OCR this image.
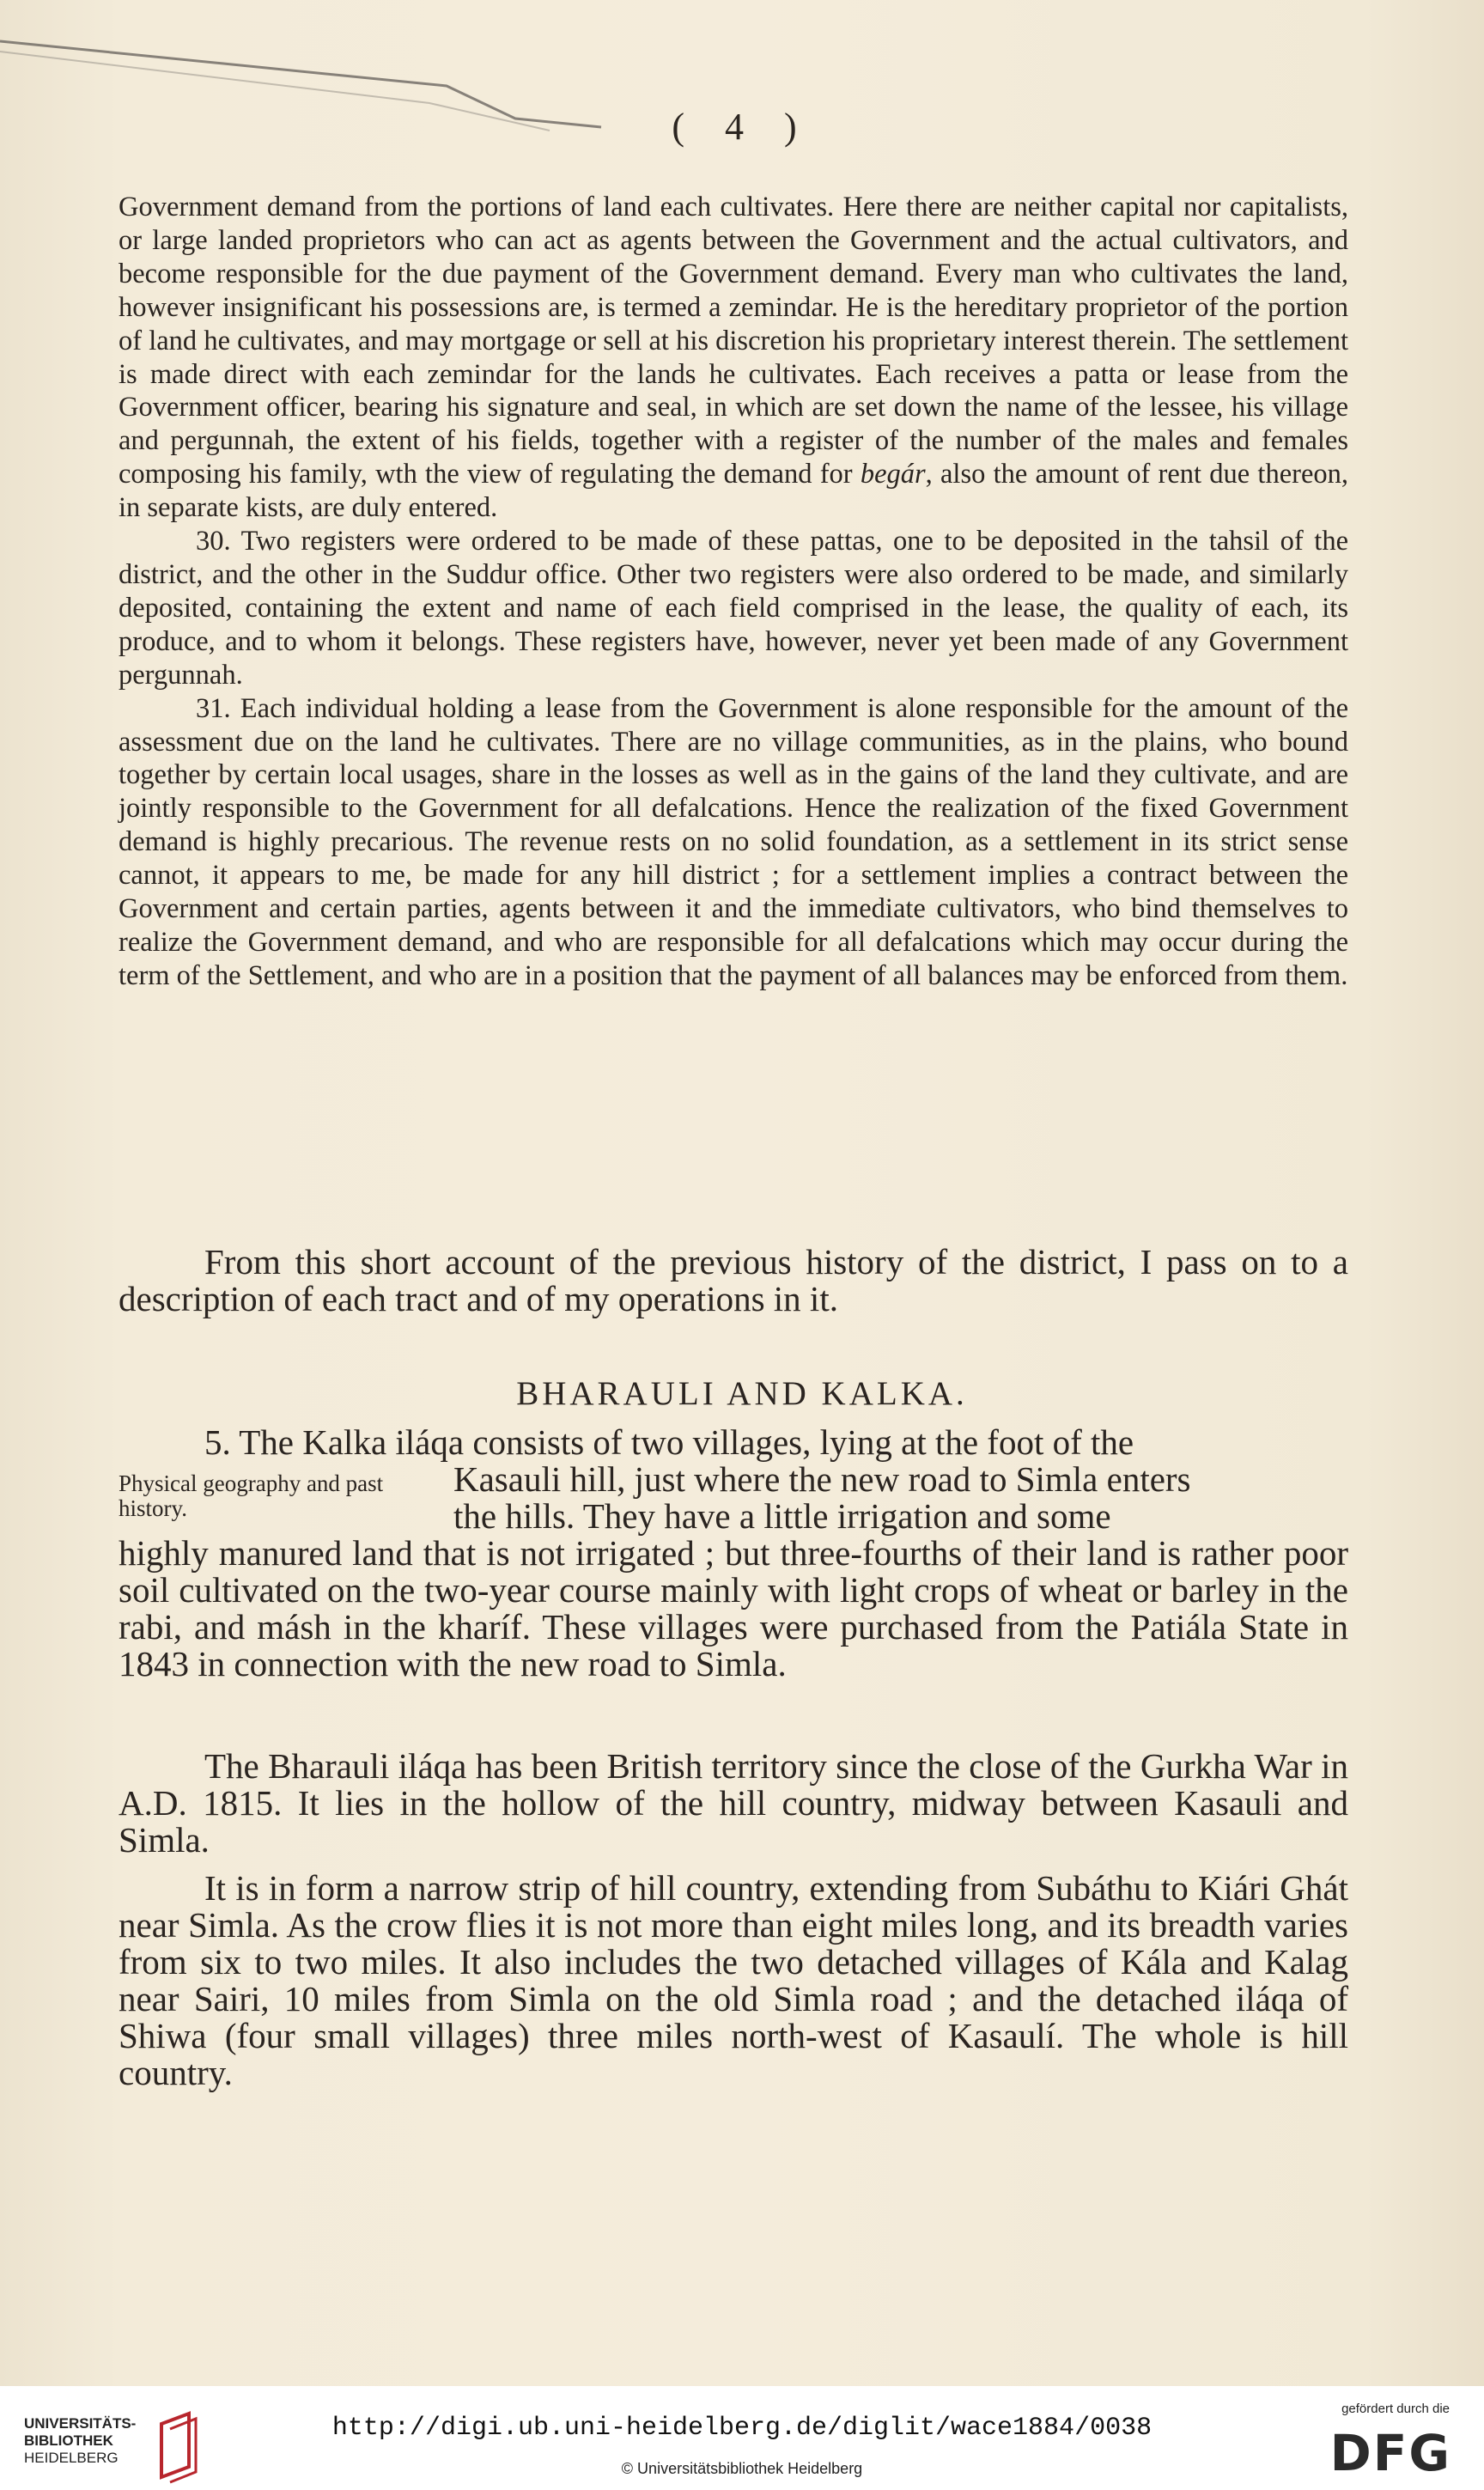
( 4 )

Government demand from the portions of land each cultivates. Here there are neither capital nor capitalists, or large landed proprietors who can act as agents between the Government and the actual cultivators, and become responsible for the due payment of the Government demand. Every man who cultivates the land, however insignificant his possessions are, is termed a zemindar. He is the hereditary proprietor of the portion of land he cultivates, and may mortgage or sell at his discretion his proprietary interest therein. The settlement is made direct with each zemindar for the lands he cultivates. Each receives a patta or lease from the Government officer, bearing his signature and seal, in which are set down the name of the lessee, his village and pergunnah, the extent of his fields, together with a register of the number of the males and females composing his family, wth the view of regulating the demand for begár, also the amount of rent due thereon, in separate kists, are duly entered.

30. Two registers were ordered to be made of these pattas, one to be deposited in the tahsil of the district, and the other in the Suddur office. Other two registers were also ordered to be made, and similarly deposited, containing the extent and name of each field comprised in the lease, the quality of each, its produce, and to whom it belongs. These registers have, however, never yet been made of any Government pergunnah.

31. Each individual holding a lease from the Government is alone responsible for the amount of the assessment due on the land he cultivates. There are no village communities, as in the plains, who bound together by certain local usages, share in the losses as well as in the gains of the land they cultivate, and are jointly responsible to the Government for all defalcations. Hence the realization of the fixed Government demand is highly precarious. The revenue rests on no solid foundation, as a settlement in its strict sense cannot, it appears to me, be made for any hill district ; for a settlement implies a contract between the Government and certain parties, agents between it and the immediate cultivators, who bind themselves to realize the Government demand, and who are responsible for all defalcations which may occur during the term of the Settlement, and who are in a position that the payment of all balances may be enforced from them.

From this short account of the previous history of the district, I pass on to a description of each tract and of my operations in it.

BHARAULI AND KALKA.
Physical geography and past history.

5. The Kalka iláqa consists of two villages, lying at the foot of the

Kasauli hill, just where the new road to Simla enters

the hills. They have a little irrigation and some

highly manured land that is not irrigated ; but three-fourths of their land is rather poor soil cultivated on the two-year course mainly with light crops of wheat or barley in the rabi, and másh in the kharíf. These villages were purchased from the Patiála State in 1843 in connection with the new road to Simla.

The Bharauli iláqa has been British territory since the close of the Gurkha War in A.D. 1815. It lies in the hollow of the hill country, midway between Kasauli and Simla.

It is in form a narrow strip of hill country, extending from Subáthu to Kiári Ghát near Simla. As the crow flies it is not more than eight miles long, and its breadth varies from six to two miles. It also includes the two detached villages of Kála and Kalag near Sairi, 10 miles from Simla on the old Simla road ; and the detached iláqa of Shiwa (four small villages) three miles north-west of Kasaulí. The whole is hill country.

UNIVERSITÄTS-
BIBLIOTHEK
HEIDELBERG
http://digi.ub.uni-heidelberg.de/diglit/wace1884/0038
© Universitätsbibliothek Heidelberg
gefördert durch die
DFG
